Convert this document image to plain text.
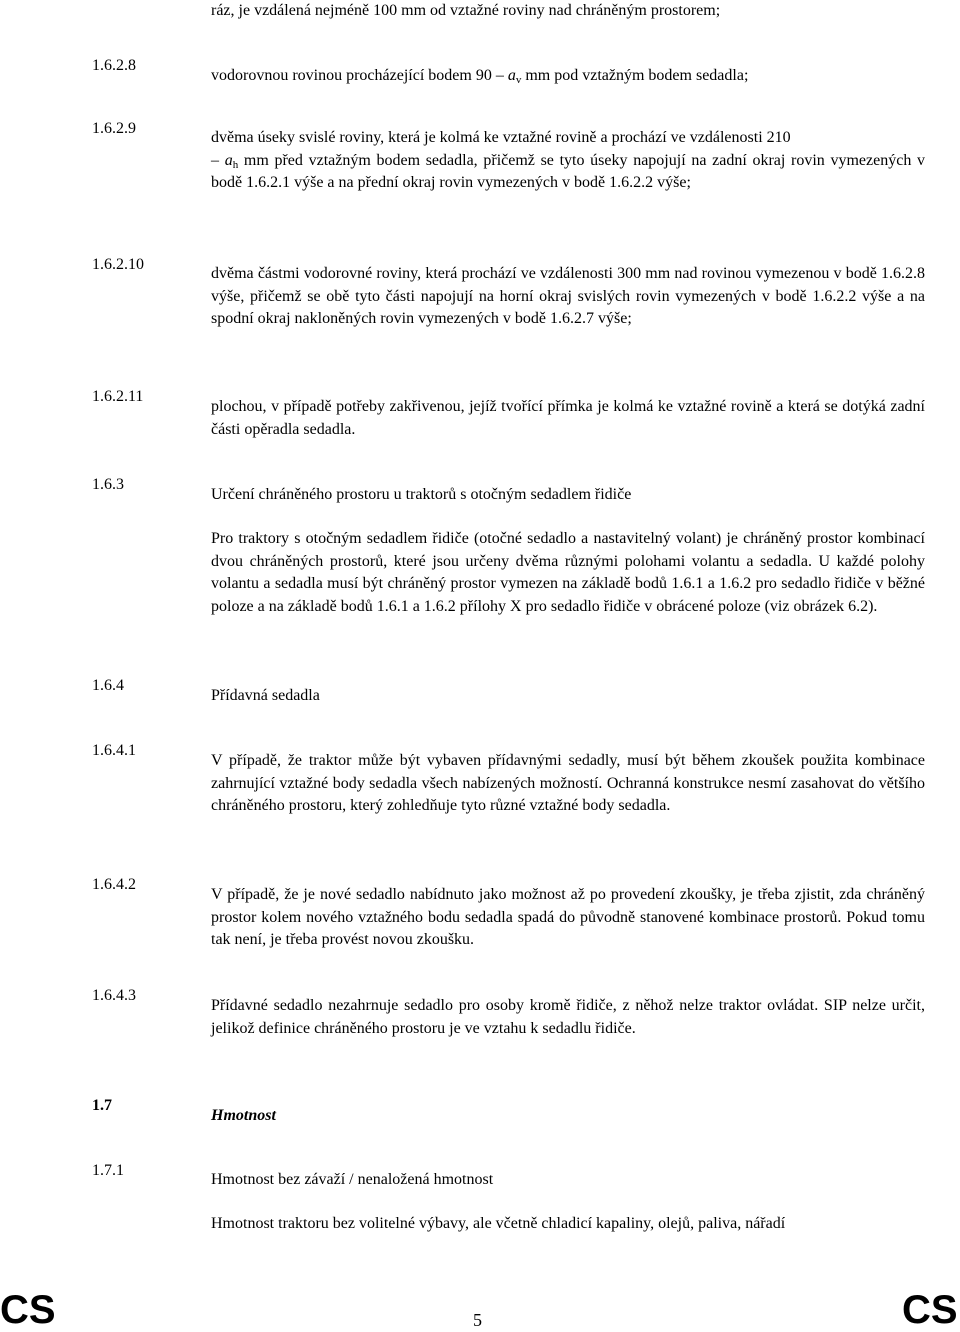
ráz, je vzdálená nejméně 100 mm od vztažné roviny nad chráněným prostorem;
1.6.2.8
vodorovnou rovinou procházející bodem $90 - a_v$ mm pod vztažným bodem sedadla;
1.6.2.9
dvěma úseky svislé roviny, která je kolmá ke vztažné rovině a prochází ve vzdálenosti 210
– $a_h$ mm před vztažným bodem sedadla, přičemž se tyto úseky napojují na zadní okraj rovin vymezených v bodě 1.6.2.1 výše a na přední okraj rovin vymezených v bodě 1.6.2.2 výše;
1.6.2.10
dvěma částmi vodorovné roviny, která prochází ve vzdálenosti 300 mm nad rovinou vymezenou v bodě 1.6.2.8 výše, přičemž se obě tyto části napojují na horní okraj svislých rovin vymezených v bodě 1.6.2.2 výše a na spodní okraj nakloněných rovin vymezených v bodě 1.6.2.7 výše;
1.6.2.11
plochou, v případě potřeby zakřivenou, jejíž tvořící přímka je kolmá ke vztažné rovině a která se dotýká zadní části opěradla sedadla.
1.6.3
Určení chráněného prostoru u traktorů s otočným sedadlem řidiče
Pro traktory s otočným sedadlem řidiče (otočné sedadlo a nastavitelný volant) je chráněný prostor kombinací dvou chráněných prostorů, které jsou určeny dvěma různými polohami volantu a sedadla. U každé polohy volantu a sedadla musí být chráněný prostor vymezen na základě bodů 1.6.1 a 1.6.2 pro sedadlo řidiče v běžné poloze a na základě bodů 1.6.1 a 1.6.2 přílohy X pro sedadlo řidiče v obrácené poloze (viz obrázek 6.2).
1.6.4
Přídavná sedadla
1.6.4.1
V případě, že traktor může být vybaven přídavnými sedadly, musí být během zkoušek použita kombinace zahrnující vztažné body sedadla všech nabízených možností. Ochranná konstrukce nesmí zasahovat do většího chráněného prostoru, který zohledňuje tyto různé vztažné body sedadla.
1.6.4.2
V případě, že je nové sedadlo nabídnuto jako možnost až po provedení zkoušky, je třeba zjistit, zda chráněný prostor kolem nového vztažného bodu sedadla spadá do původně stanovené kombinace prostorů. Pokud tomu tak není, je třeba provést novou zkoušku.
1.6.4.3
Přídavné sedadlo nezahrnuje sedadlo pro osoby kromě řidiče, z něhož nelze traktor ovládat. SIP nelze určit, jelikož definice chráněného prostoru je ve vztahu k sedadlu řidiče.
1.7
Hmotnost
1.7.1
Hmotnost bez závaží / nenaložená hmotnost
Hmotnost traktoru bez volitelné výbavy, ale včetně chladicí kapaliny, olejů, paliva, nářadí
CS	5	CS
